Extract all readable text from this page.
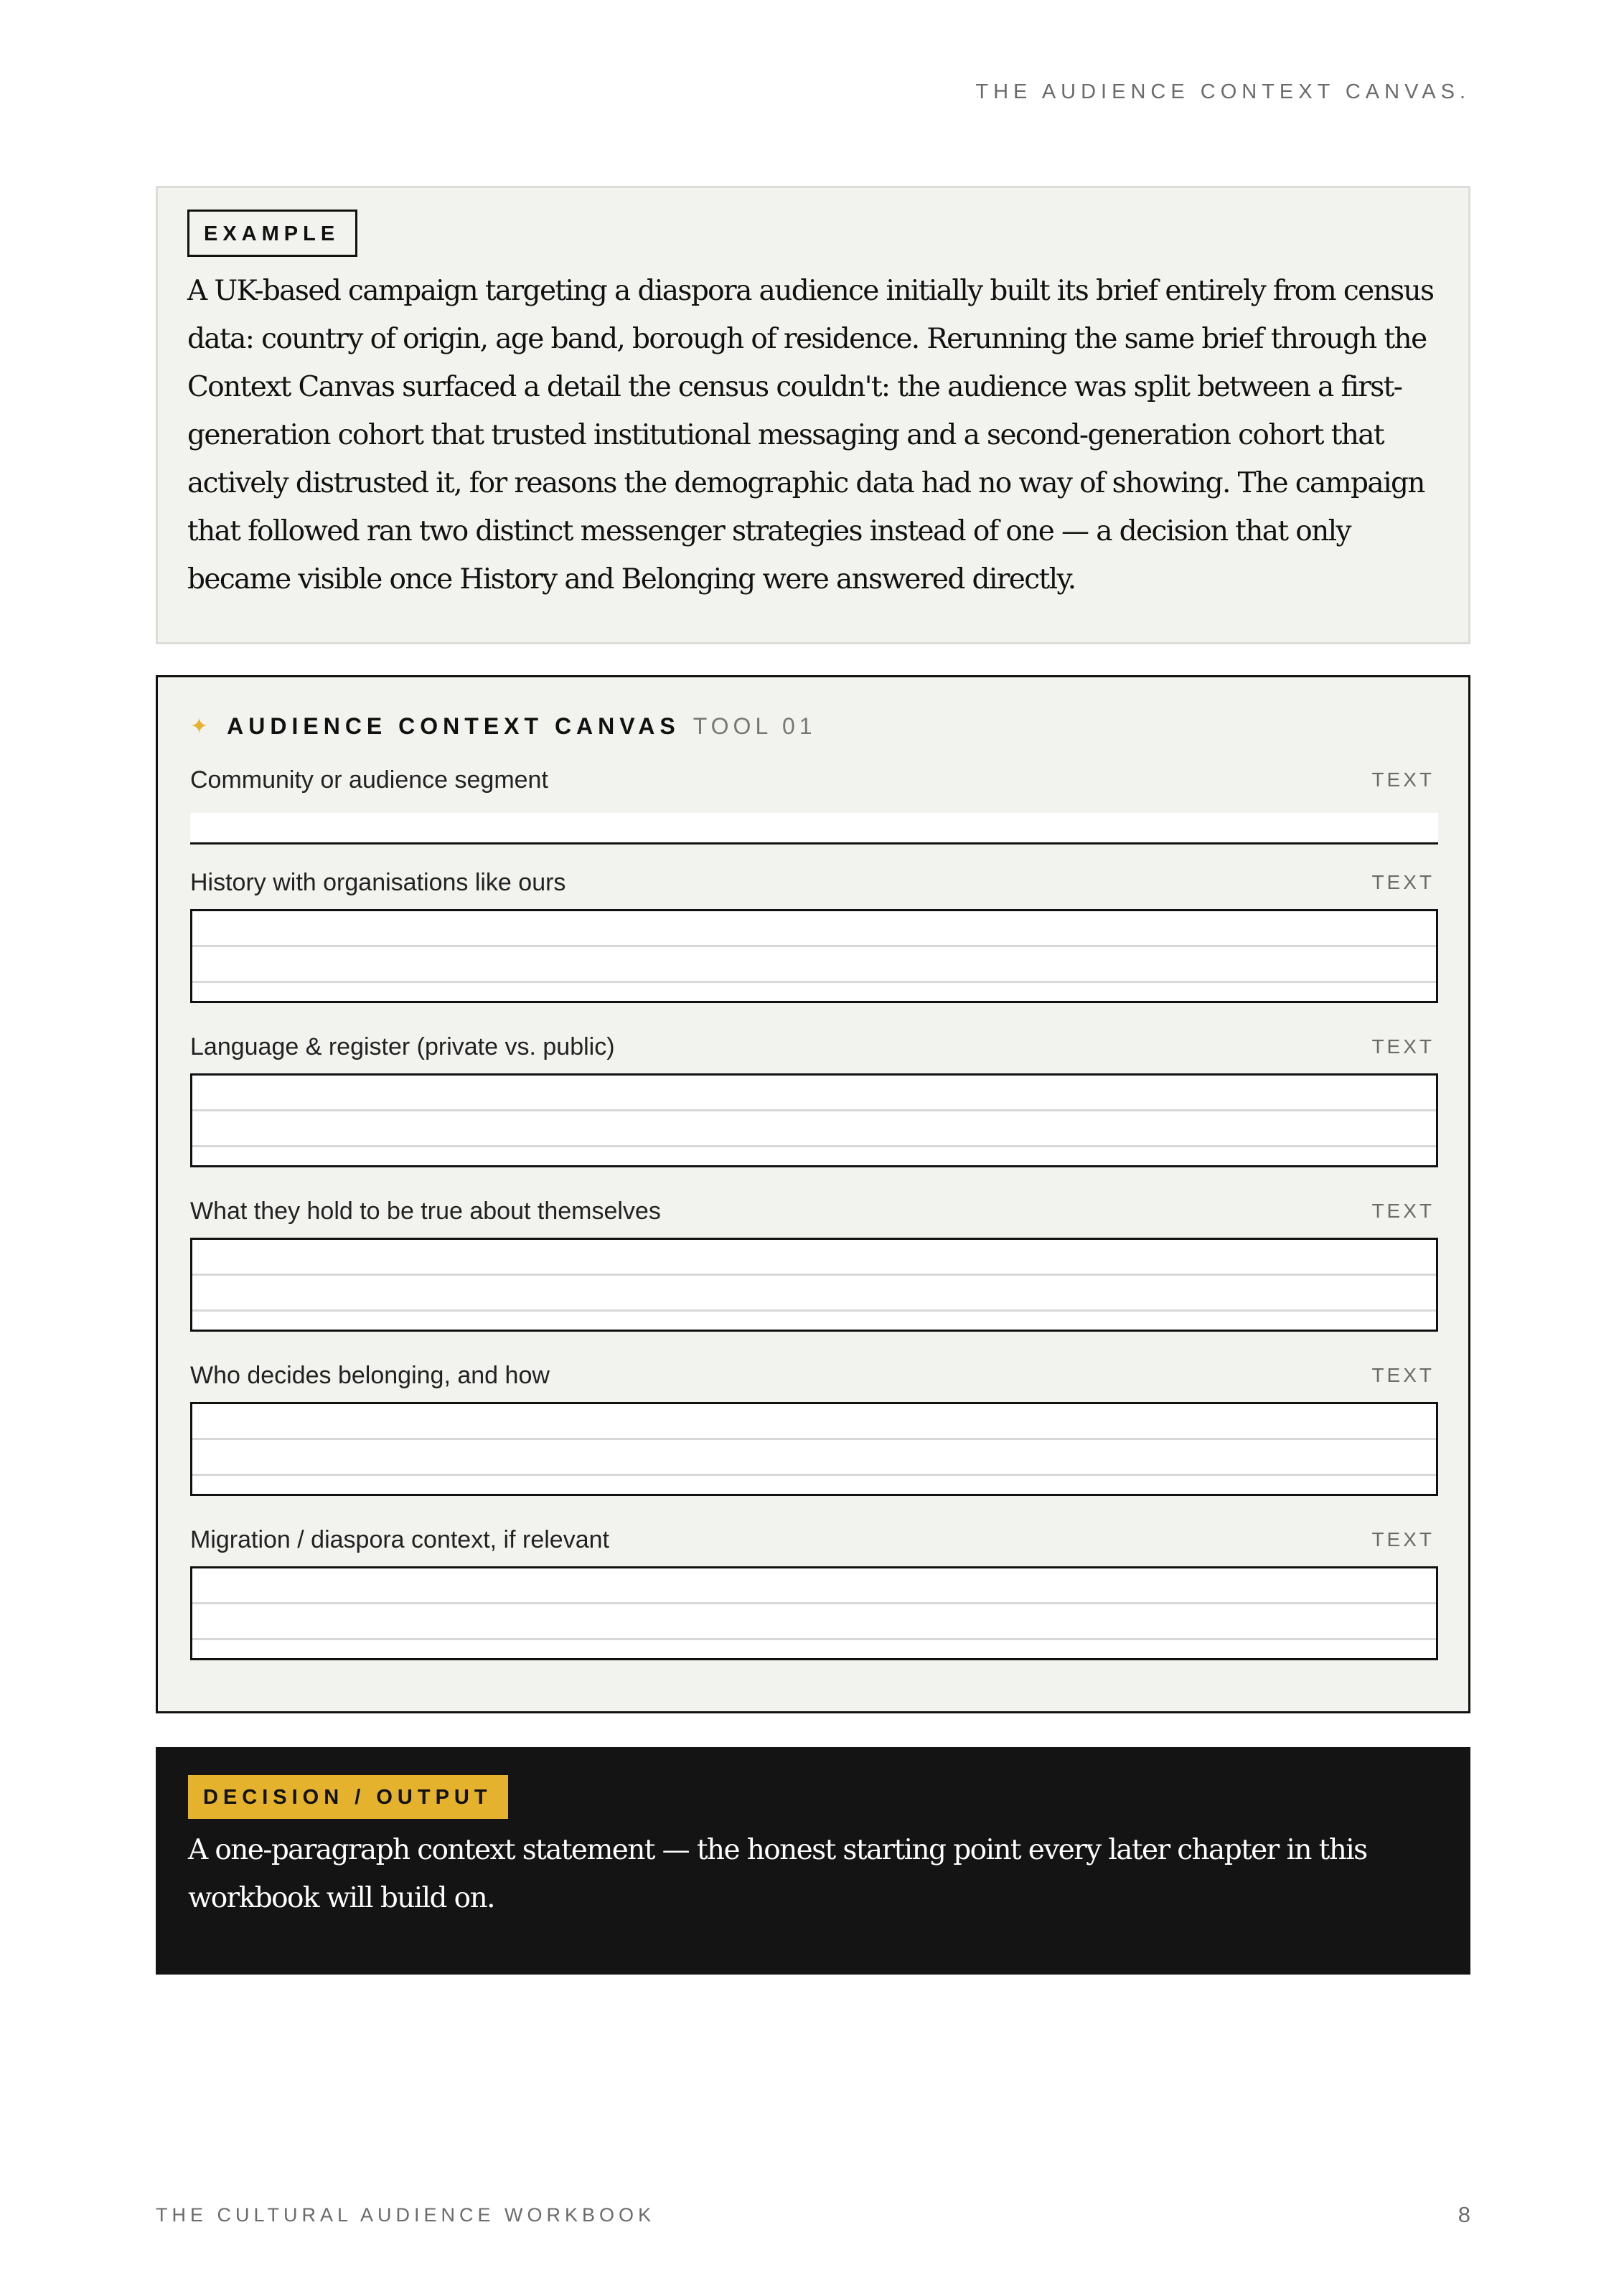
THE AUDIENCE CONTEXT CANVAS.
EXAMPLE

A UK-based campaign targeting a diaspora audience initially built its brief entirely from census data: country of origin, age band, borough of residence. Rerunning the same brief through the Context Canvas surfaced a detail the census couldn't: the audience was split between a first-generation cohort that trusted institutional messaging and a second-generation cohort that actively distrusted it, for reasons the demographic data had no way of showing. The campaign that followed ran two distinct messenger strategies instead of one — a decision that only became visible once History and Belonging were answered directly.

✦ AUDIENCE CONTEXT CANVAS TOOL 01
Community or audience segment	TEXT
History with organisations like ours	TEXT
Language & register (private vs. public)	TEXT
What they hold to be true about themselves	TEXT
Who decides belonging, and how	TEXT
Migration / diaspora context, if relevant	TEXT
DECISION / OUTPUT

A one-paragraph context statement — the honest starting point every later chapter in this workbook will build on.

THE CULTURAL AUDIENCE WORKBOOK	8
